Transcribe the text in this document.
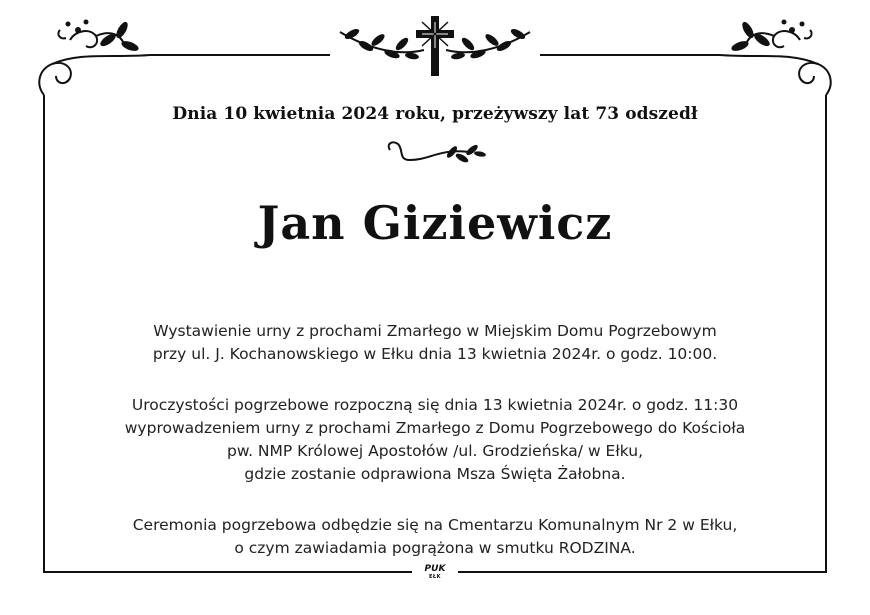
Dnia 10 kwietnia 2024 roku, przeżywszy lat 73 odszedł
Jan Giziewicz
Wystawienie urny z prochami Zmarłego w Miejskim Domu Pogrzebowym
przy ul. J. Kochanowskiego w Ełku dnia 13 kwietnia 2024r. o godz. 10:00.
Uroczystości pogrzebowe rozpoczną się dnia 13 kwietnia 2024r. o godz. 11:30
wyprowadzeniem urny z prochami Zmarłego z Domu Pogrzebowego do Kościoła
pw. NMP Królowej Apostołów /ul. Grodzieńska/ w Ełku,
gdzie zostanie odprawiona Msza Święta Żałobna.
Ceremonia pogrzebowa odbędzie się na Cmentarzu Komunalnym Nr 2 w Ełku,
o czym zawiadamia pogrążona w smutku RODZINA.
PUK
EŁK
